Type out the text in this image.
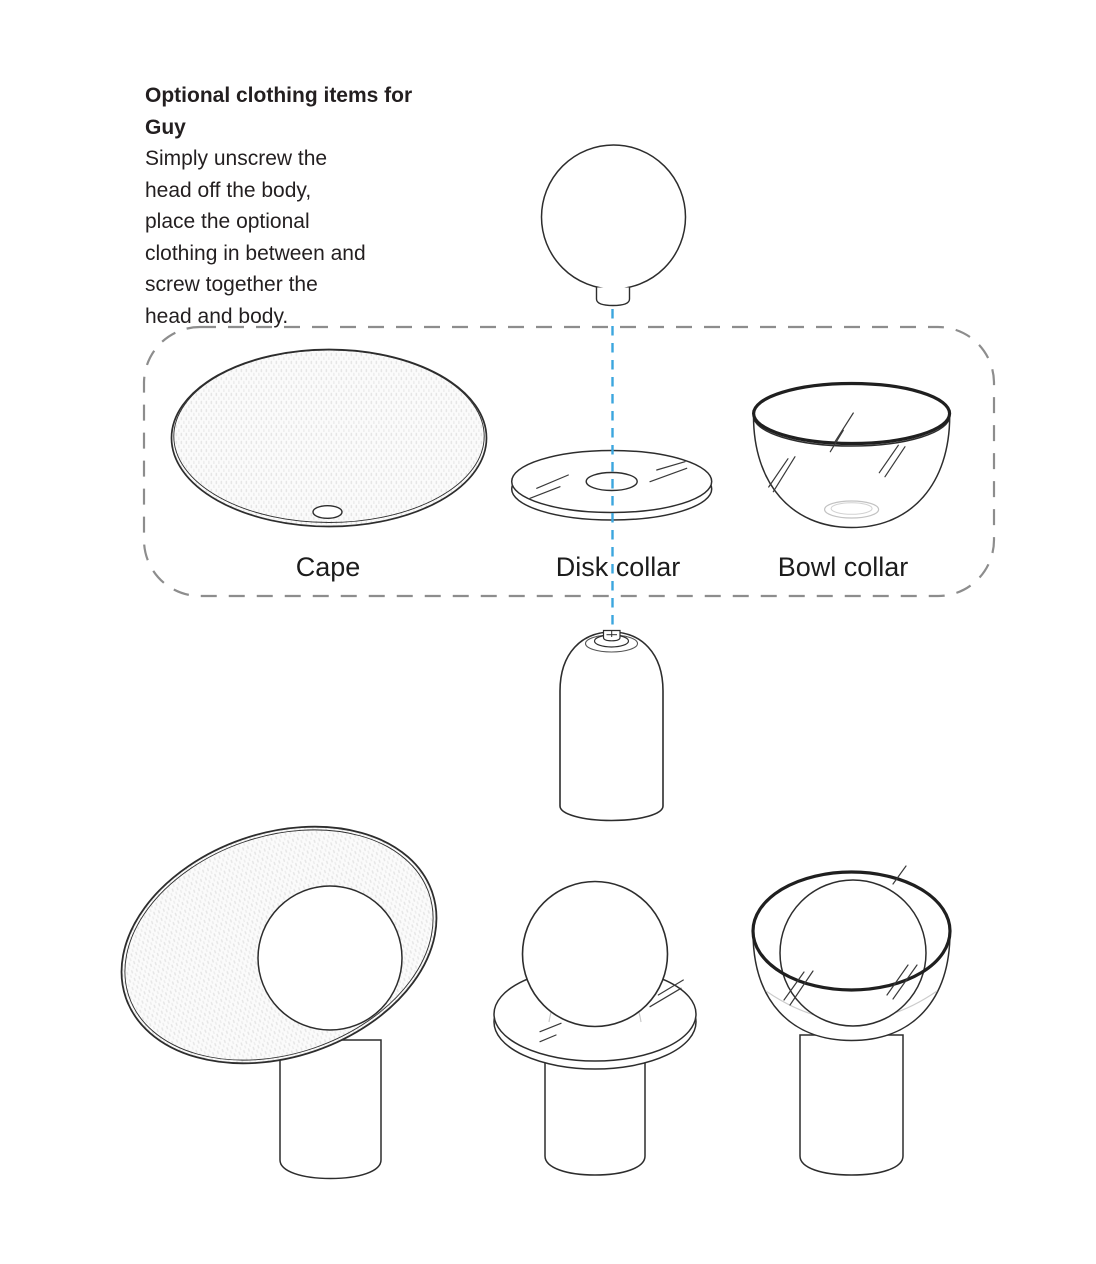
Optional clothing items for Guy
Simply unscrew the
head off the body,
place the optional
clothing in between and
screw together the
head and body.
Cape	Disk collar	Bowl collar
